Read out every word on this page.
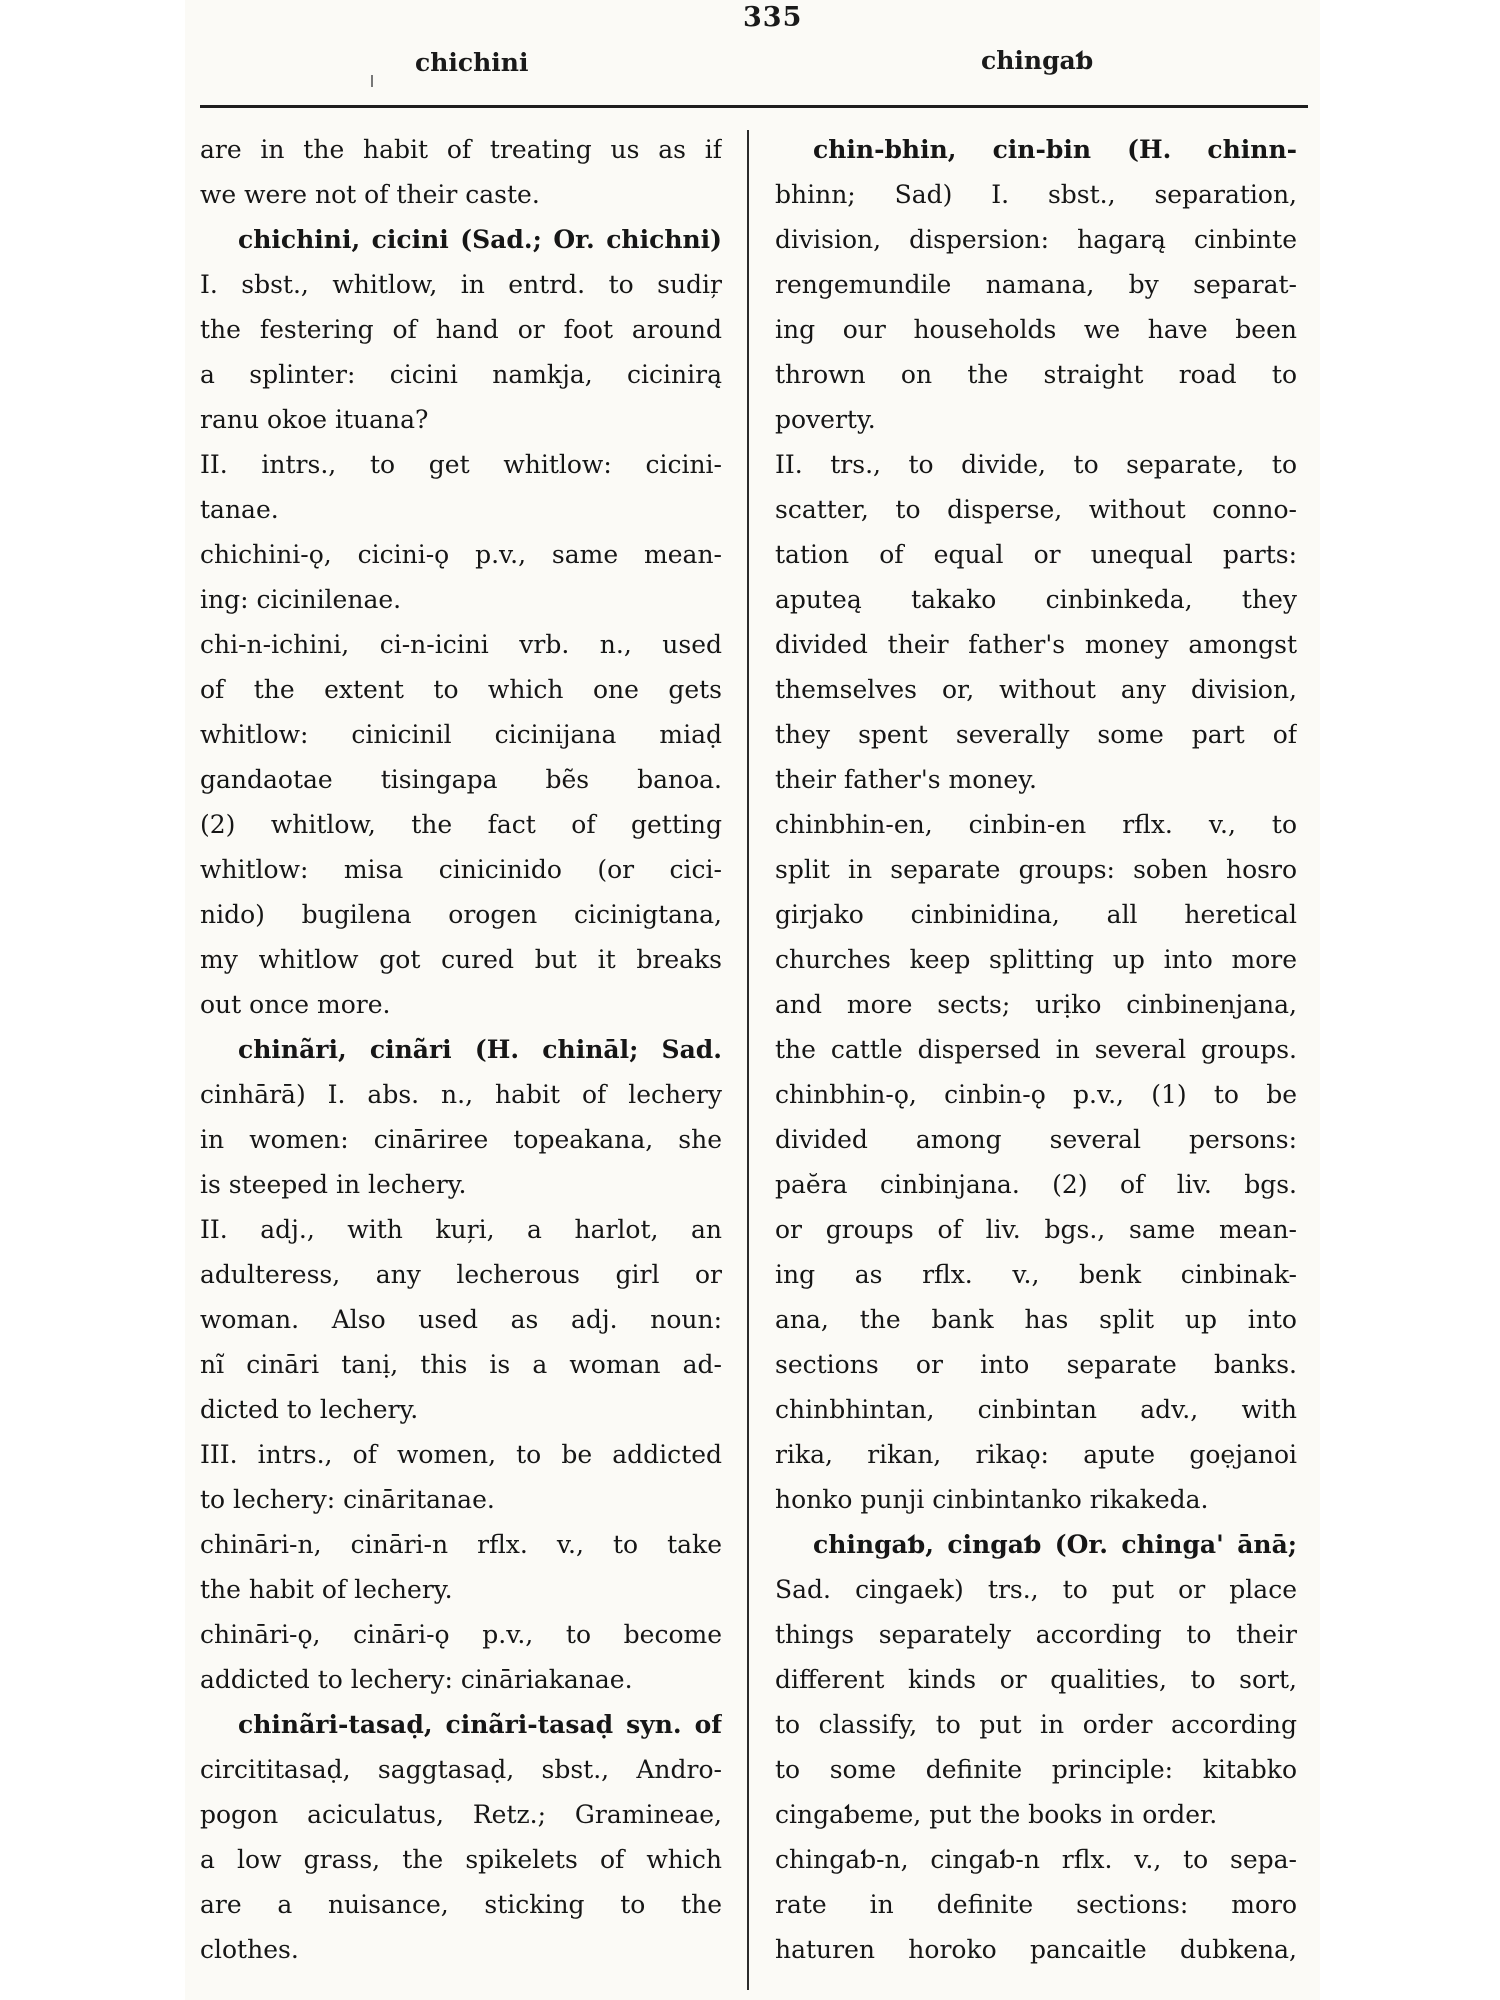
335
chichini	chingaƅ
are in the habit of treating us as if
we were not of their caste.
chichini, cicini (Sad.; Or. chichni)
I. sbst., whitlow, in entrd. to sudiŗ
the festering of hand or foot around
a splinter: cicini namkja, cicinirą
ranu okoe ituana?
II. intrs., to get whitlow: cicini-
tanae.
chichini-ǫ, cicini-ǫ p.v., same mean-
ing: cicinilenae.
chi-n-ichini, ci-n-icini vrb. n., used
of the extent to which one gets
whitlow: cinicinil cicinijana miaḍ
gandaotae tisingapa bẽs banoa.
(2) whitlow, the fact of getting
whitlow: misa cinicinido (or cici-
nido) bugilena orogen cicinigtana,
my whitlow got cured but it breaks
out once more.
chinãri, cinãri (H. chināl; Sad.
cinhārā) I. abs. n., habit of lechery
in women: cināriree topeakana, she
is steeped in lechery.
II. adj., with kuŗi, a harlot, an
adulteress, any lecherous girl or
woman. Also used as adj. noun:
nĩ cināri tanị, this is a woman ad-
dicted to lechery.
III. intrs., of women, to be addicted
to lechery: cināritanae.
chināri-n, cināri-n rflx. v., to take
the habit of lechery.
chināri-ǫ, cināri-ǫ p.v., to become
addicted to lechery: cināriakanae.
chinãri-tasaḍ, cinãri-tasaḍ syn. of
circititasaḍ, saggtasaḍ, sbst., Andro-
pogon aciculatus, Retz.; Gramineae,
a low grass, the spikelets of which
are a nuisance, sticking to the
clothes.
chin-bhin, cin-bin (H. chinn-
bhinn; Sad) I. sbst., separation,
division, dispersion: hagarą cinbinte
rengemundile namana, by separat-
ing our households we have been
thrown on the straight road to
poverty.
II. trs., to divide, to separate, to
scatter, to disperse, without conno-
tation of equal or unequal parts:
aputeą takako cinbinkeda, they
divided their father's money amongst
themselves or, without any division,
they spent severally some part of
their father's money.
chinbhin-en, cinbin-en rflx. v., to
split in separate groups: soben hosro
girjako cinbinidina, all heretical
churches keep splitting up into more
and more sects; urịko cinbinenjana,
the cattle dispersed in several groups.
chinbhin-ǫ, cinbin-ǫ p.v., (1) to be
divided among several persons:
paĕra cinbinjana. (2) of liv. bgs.
or groups of liv. bgs., same mean-
ing as rflx. v., benk cinbinak-
ana, the bank has split up into
sections or into separate banks.
chinbhintan, cinbintan adv., with
rika, rikan, rikaǫ: apute goẹjanoi
honko punji cinbintanko rikakeda.
chingaƅ, cingaƅ (Or. chinga' ānā;
Sad. cingaek) trs., to put or place
things separately according to their
different kinds or qualities, to sort,
to classify, to put in order according
to some definite principle: kitabko
cingaƅeme, put the books in order.
chingaƅ-n, cingaƅ-n rflx. v., to sepa-
rate in definite sections: moro
haturen horoko pancaitle dubkena,
